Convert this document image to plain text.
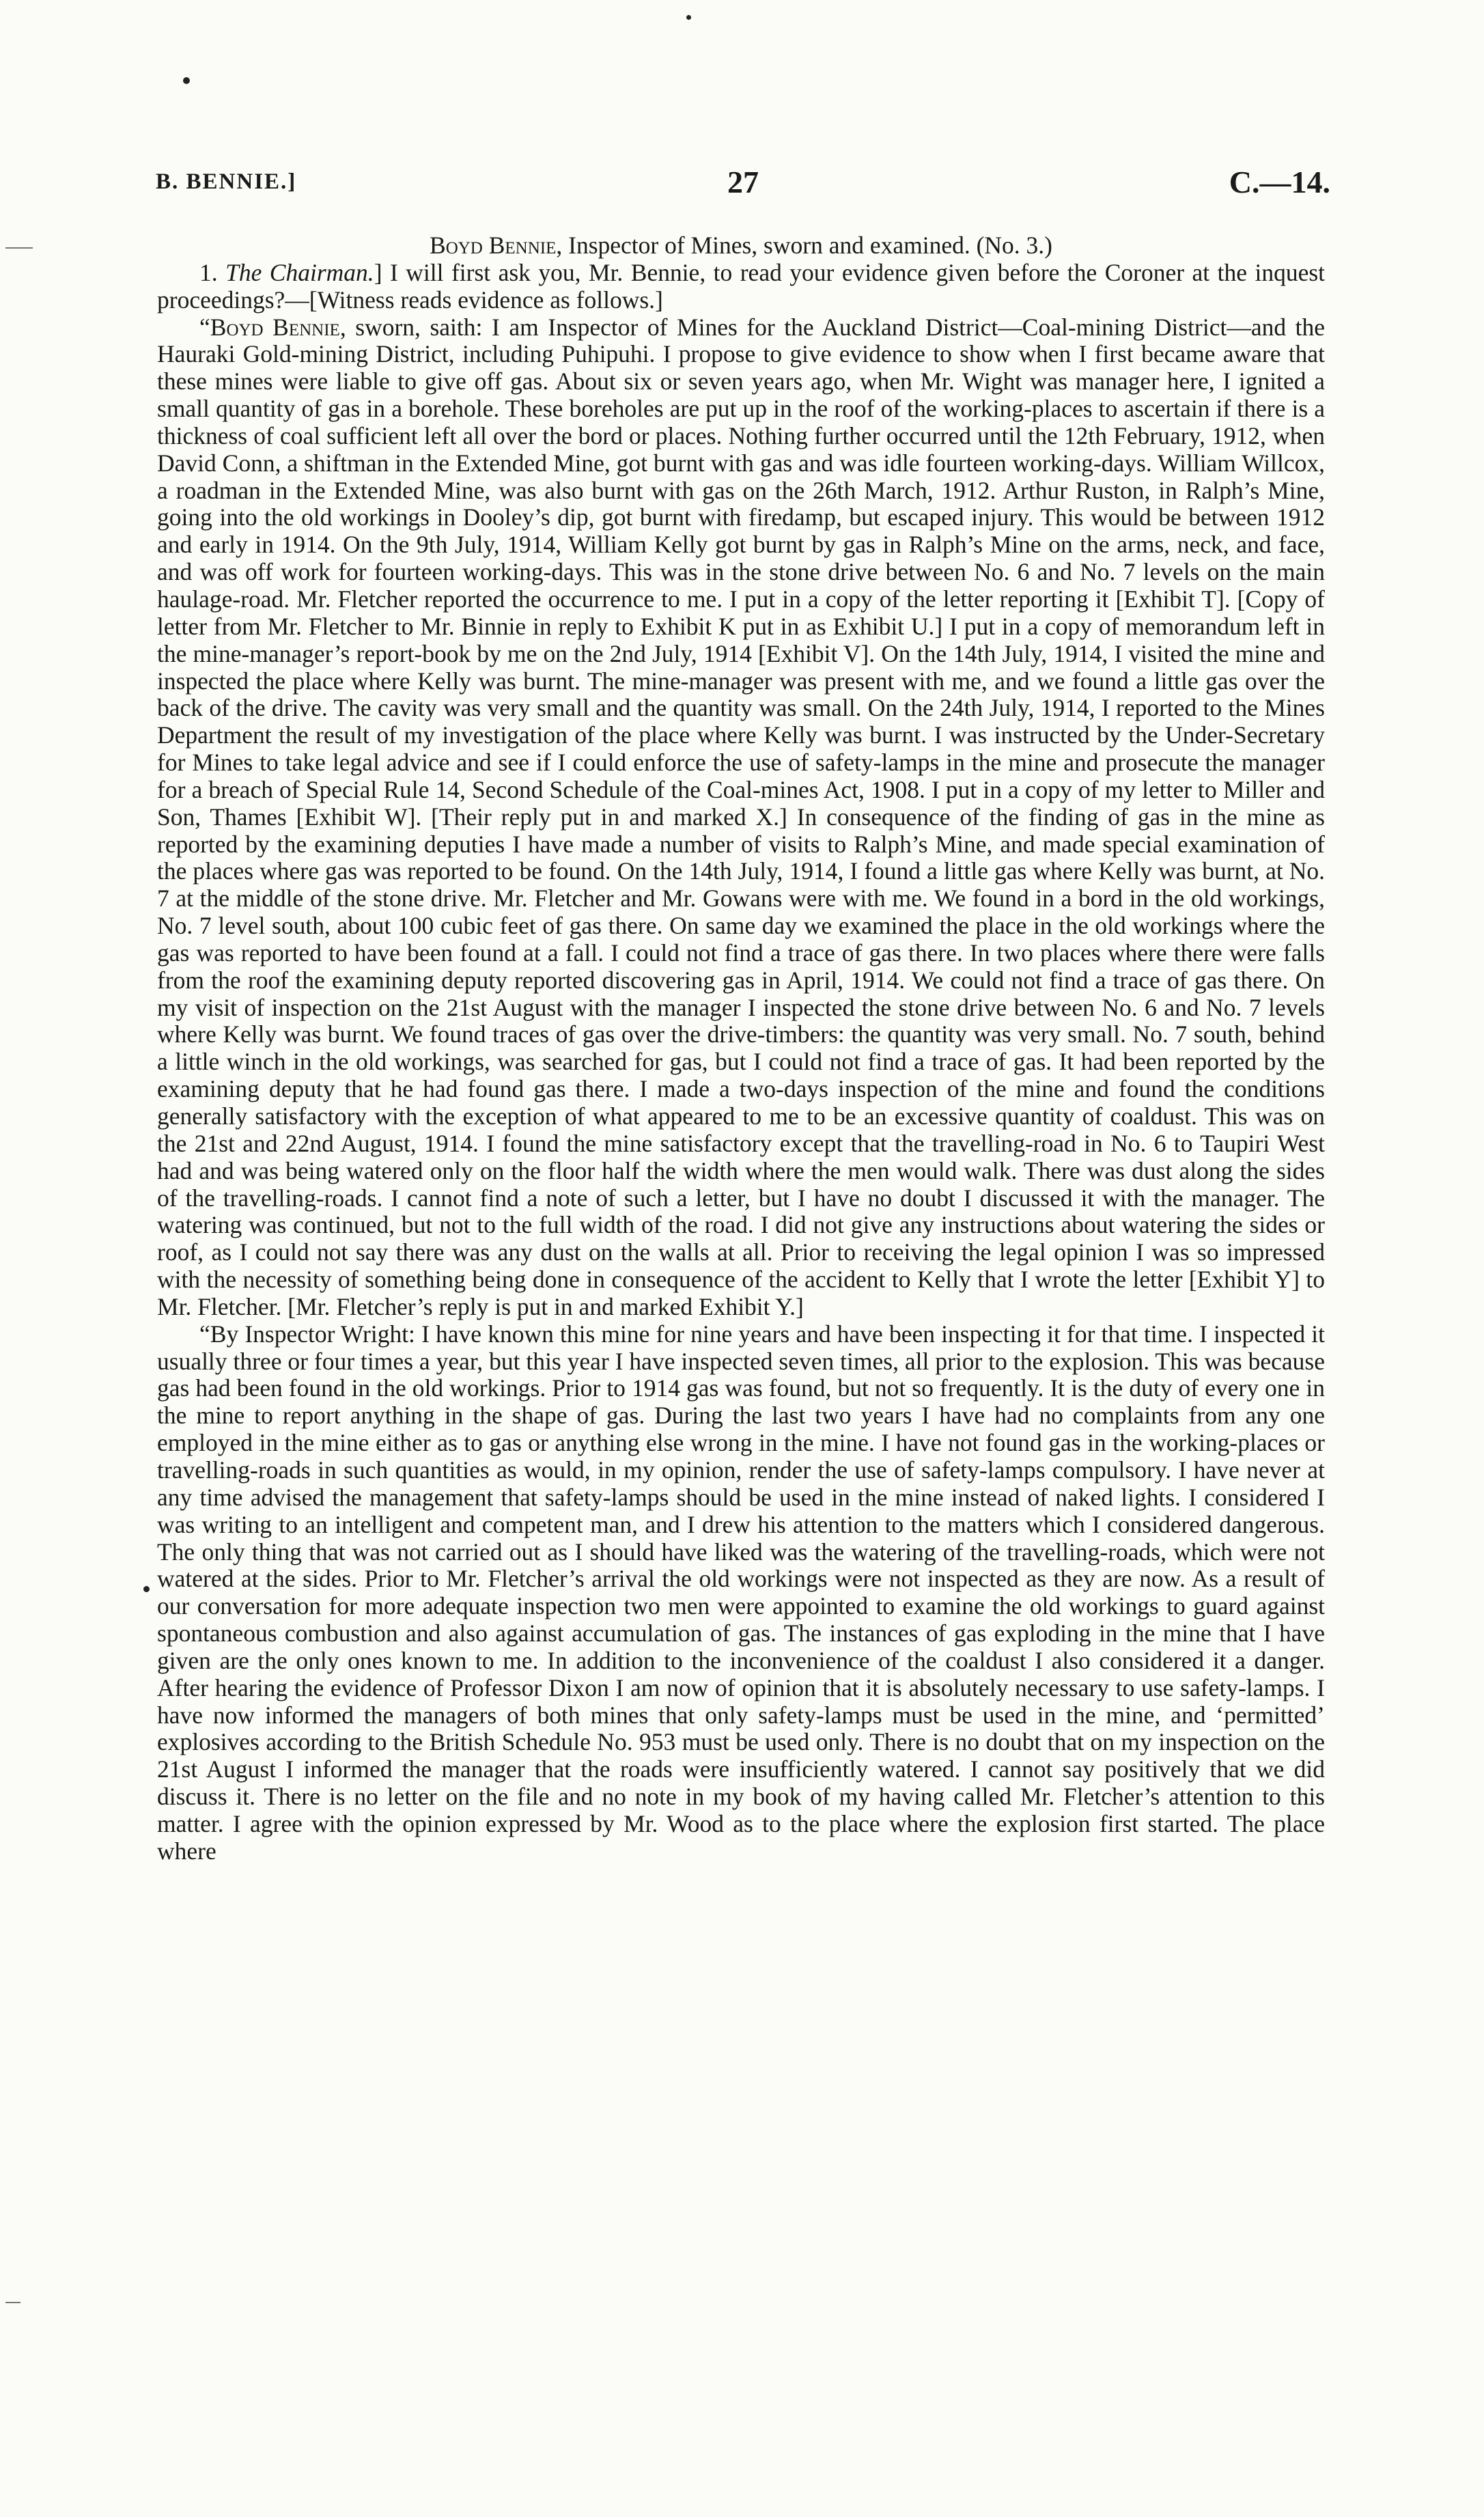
B. BENNIE.]	27	C.—14.

Boyd Bennie, Inspector of Mines, sworn and examined. (No. 3.)

1. The Chairman.] I will first ask you, Mr. Bennie, to read your evidence given before the Coroner at the inquest proceedings?—[Witness reads evidence as follows.]

“Boyd Bennie, sworn, saith: I am Inspector of Mines for the Auckland District—Coal-mining District—and the Hauraki Gold-mining District, including Puhipuhi. I propose to give evidence to show when I first became aware that these mines were liable to give off gas. About six or seven years ago, when Mr. Wight was manager here, I ignited a small quantity of gas in a borehole. These boreholes are put up in the roof of the working-places to ascertain if there is a thickness of coal sufficient left all over the bord or places. Nothing further occurred until the 12th February, 1912, when David Conn, a shiftman in the Extended Mine, got burnt with gas and was idle fourteen working-days. William Willcox, a roadman in the Extended Mine, was also burnt with gas on the 26th March, 1912. Arthur Ruston, in Ralph’s Mine, going into the old workings in Dooley’s dip, got burnt with firedamp, but escaped injury. This would be between 1912 and early in 1914. On the 9th July, 1914, William Kelly got burnt by gas in Ralph’s Mine on the arms, neck, and face, and was off work for fourteen working-days. This was in the stone drive between No. 6 and No. 7 levels on the main haulage-road. Mr. Fletcher reported the occurrence to me. I put in a copy of the letter reporting it [Exhibit T]. [Copy of letter from Mr. Fletcher to Mr. Binnie in reply to Exhibit K put in as Exhibit U.] I put in a copy of memorandum left in the mine-manager’s report-book by me on the 2nd July, 1914 [Exhibit V]. On the 14th July, 1914, I visited the mine and inspected the place where Kelly was burnt. The mine-manager was present with me, and we found a little gas over the back of the drive. The cavity was very small and the quantity was small. On the 24th July, 1914, I reported to the Mines Department the result of my investigation of the place where Kelly was burnt. I was instructed by the Under-Secretary for Mines to take legal advice and see if I could enforce the use of safety-lamps in the mine and prosecute the manager for a breach of Special Rule 14, Second Schedule of the Coal-mines Act, 1908. I put in a copy of my letter to Miller and Son, Thames [Exhibit W]. [Their reply put in and marked X.] In consequence of the finding of gas in the mine as reported by the examining deputies I have made a number of visits to Ralph’s Mine, and made special examination of the places where gas was reported to be found. On the 14th July, 1914, I found a little gas where Kelly was burnt, at No. 7 at the middle of the stone drive. Mr. Fletcher and Mr. Gowans were with me. We found in a bord in the old workings, No. 7 level south, about 100 cubic feet of gas there. On same day we examined the place in the old workings where the gas was reported to have been found at a fall. I could not find a trace of gas there. In two places where there were falls from the roof the examining deputy reported discovering gas in April, 1914. We could not find a trace of gas there. On my visit of inspection on the 21st August with the manager I inspected the stone drive between No. 6 and No. 7 levels where Kelly was burnt. We found traces of gas over the drive-timbers: the quantity was very small. No. 7 south, behind a little winch in the old workings, was searched for gas, but I could not find a trace of gas. It had been reported by the examining deputy that he had found gas there. I made a two-days inspection of the mine and found the conditions generally satisfactory with the exception of what appeared to me to be an excessive quantity of coaldust. This was on the 21st and 22nd August, 1914. I found the mine satisfactory except that the travelling-road in No. 6 to Taupiri West had and was being watered only on the floor half the width where the men would walk. There was dust along the sides of the travelling-roads. I cannot find a note of such a letter, but I have no doubt I discussed it with the manager. The watering was continued, but not to the full width of the road. I did not give any instructions about watering the sides or roof, as I could not say there was any dust on the walls at all. Prior to receiving the legal opinion I was so impressed with the necessity of something being done in consequence of the accident to Kelly that I wrote the letter [Exhibit Y] to Mr. Fletcher. [Mr. Fletcher’s reply is put in and marked Exhibit Y.]

“By Inspector Wright: I have known this mine for nine years and have been inspecting it for that time. I inspected it usually three or four times a year, but this year I have inspected seven times, all prior to the explosion. This was because gas had been found in the old workings. Prior to 1914 gas was found, but not so frequently. It is the duty of every one in the mine to report anything in the shape of gas. During the last two years I have had no complaints from any one employed in the mine either as to gas or anything else wrong in the mine. I have not found gas in the working-places or travelling-roads in such quantities as would, in my opinion, render the use of safety-lamps compulsory. I have never at any time advised the management that safety-lamps should be used in the mine instead of naked lights. I considered I was writing to an intelligent and competent man, and I drew his attention to the matters which I considered dangerous. The only thing that was not carried out as I should have liked was the watering of the travelling-roads, which were not watered at the sides. Prior to Mr. Fletcher’s arrival the old workings were not inspected as they are now. As a result of our conversation for more adequate inspection two men were appointed to examine the old workings to guard against spontaneous combustion and also against accumulation of gas. The instances of gas exploding in the mine that I have given are the only ones known to me. In addition to the inconvenience of the coaldust I also considered it a danger. After hearing the evidence of Professor Dixon I am now of opinion that it is absolutely necessary to use safety-lamps. I have now informed the managers of both mines that only safety-lamps must be used in the mine, and ‘permitted’ explosives according to the British Schedule No. 953 must be used only. There is no doubt that on my inspection on the 21st August I informed the manager that the roads were insufficiently watered. I cannot say positively that we did discuss it. There is no letter on the file and no note in my book of my having called Mr. Fletcher’s attention to this matter. I agree with the opinion expressed by Mr. Wood as to the place where the explosion first started. The place where
